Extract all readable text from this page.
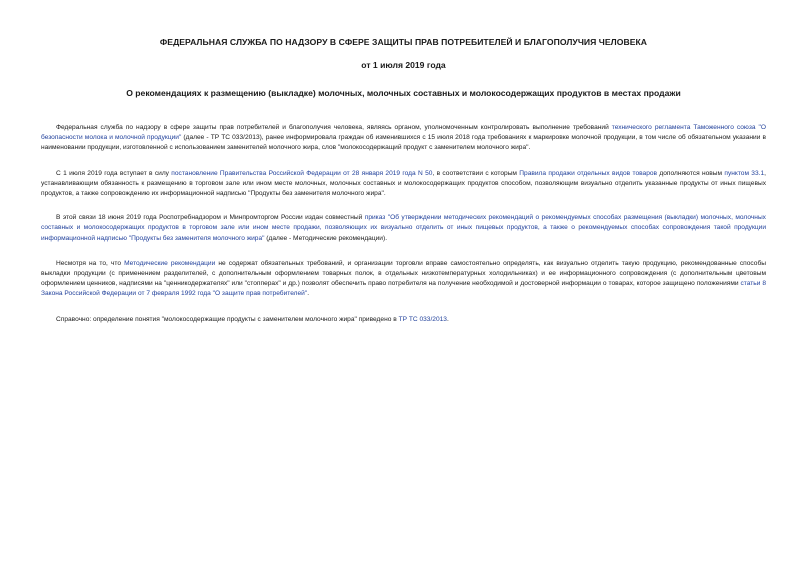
ФЕДЕРАЛЬНАЯ СЛУЖБА ПО НАДЗОРУ В СФЕРЕ ЗАЩИТЫ ПРАВ ПОТРЕБИТЕЛЕЙ И БЛАГОПОЛУЧИЯ ЧЕЛОВЕКА
от 1 июля 2019 года
О рекомендациях к размещению (выкладке) молочных, молочных составных и молокосодержащих продуктов в местах продажи

Федеральная служба по надзору в сфере защиты прав потребителей и благополучия человека, являясь органом, уполномоченным контролировать выполнение требований технического регламента Таможенного союза "О безопасности молока и молочной продукции" (далее - ТР ТС 033/2013), ранее информировала граждан об изменившихся с 15 июля 2018 года требованиях к маркировке молочной продукции, в том числе об обязательном указании в наименовании продукции, изготовленной с использованием заменителей молочного жира, слов "молокосодержащий продукт с заменителем молочного жира".

С 1 июля 2019 года вступает в силу постановление Правительства Российской Федерации от 28 января 2019 года N 50, в соответствии с которым Правила продажи отдельных видов товаров дополняются новым пунктом 33.1, устанавливающим обязанность к размещению в торговом зале или ином месте молочных, молочных составных и молокосодержащих продуктов способом, позволяющим визуально отделить указанные продукты от иных пищевых продуктов, а также сопровождению их информационной надписью "Продукты без заменителя молочного жира".

В этой связи 18 июня 2019 года Роспотребнадзором и Минпромторгом России издан совместный приказ "Об утверждении методических рекомендаций о рекомендуемых способах размещения (выкладки) молочных, молочных составных и молокосодержащих продуктов в торговом зале или ином месте продажи, позволяющих их визуально отделить от иных пищевых продуктов, а также о рекомендуемых способах сопровождения такой продукции информационной надписью "Продукты без заменителя молочного жира" (далее - Методические рекомендации).

Несмотря на то, что Методические рекомендации не содержат обязательных требований, и организации торговли вправе самостоятельно определять, как визуально отделить такую продукцию, рекомендованные способы выкладки продукции (с применением разделителей, с дополнительным оформлением товарных полок, в отдельных низкотемпературных холодильниках) и ее информационного сопровождения (с дополнительным цветовым оформлением ценников, надписями на "ценникодержателях" или "стопперах" и др.) позволят обеспечить право потребителя на получение необходимой и достоверной информации о товарах, которое защищено положениями статьи 8 Закона Российской Федерации от 7 февраля 1992 года "О защите прав потребителей".

Справочно: определение понятия "молокосодержащие продукты с заменителем молочного жира" приведено в ТР ТС 033/2013.
